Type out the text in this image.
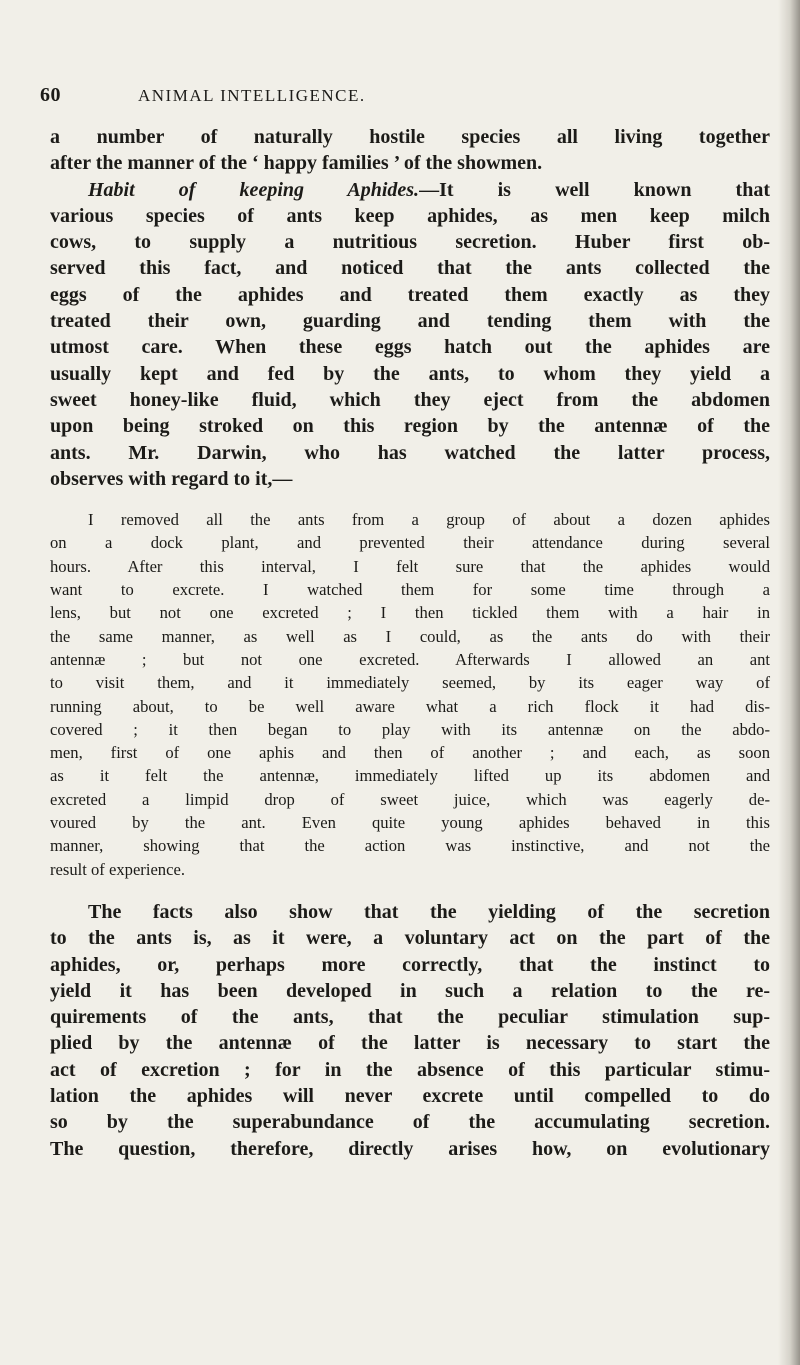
60	ANIMAL INTELLIGENCE.
a number of naturally hostile species all living together
after the manner of the ‘ happy families ’ of the showmen.
Habit of keeping Aphides.—It is well known that
various species of ants keep aphides, as men keep milch
cows, to supply a nutritious secretion. Huber first ob-
served this fact, and noticed that the ants collected the
eggs of the aphides and treated them exactly as they
treated their own, guarding and tending them with the
utmost care. When these eggs hatch out the aphides are
usually kept and fed by the ants, to whom they yield a
sweet honey-like fluid, which they eject from the abdomen
upon being stroked on this region by the antennæ of the
ants. Mr. Darwin, who has watched the latter process,
observes with regard to it,—
I removed all the ants from a group of about a dozen aphides
on a dock plant, and prevented their attendance during several
hours. After this interval, I felt sure that the aphides would
want to excrete. I watched them for some time through a
lens, but not one excreted ; I then tickled them with a hair in
the same manner, as well as I could, as the ants do with their
antennæ ; but not one excreted. Afterwards I allowed an ant
to visit them, and it immediately seemed, by its eager way of
running about, to be well aware what a rich flock it had dis-
covered ; it then began to play with its antennæ on the abdo-
men, first of one aphis and then of another ; and each, as soon
as it felt the antennæ, immediately lifted up its abdomen and
excreted a limpid drop of sweet juice, which was eagerly de-
voured by the ant. Even quite young aphides behaved in this
manner, showing that the action was instinctive, and not the
result of experience.
The facts also show that the yielding of the secretion
to the ants is, as it were, a voluntary act on the part of the
aphides, or, perhaps more correctly, that the instinct to
yield it has been developed in such a relation to the re-
quirements of the ants, that the peculiar stimulation sup-
plied by the antennæ of the latter is necessary to start the
act of excretion ; for in the absence of this particular stimu-
lation the aphides will never excrete until compelled to do
so by the superabundance of the accumulating secretion.
The question, therefore, directly arises how, on evolutionary
